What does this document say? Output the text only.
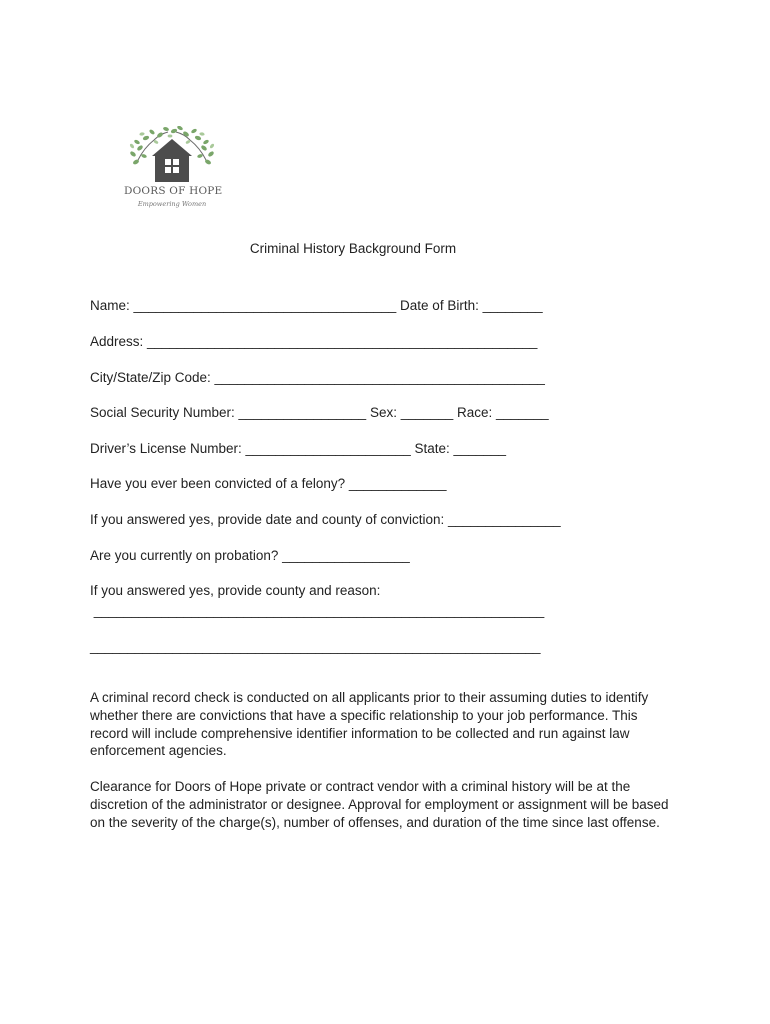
DOORS OF HOPE
Empowering Women
Criminal History Background Form
Name: ___________________________________ Date of Birth: ________
Address: ____________________________________________________
City/State/Zip Code: ____________________________________________
Social Security Number: _________________ Sex: _______ Race: _______
Driver’s License Number: ______________________ State: _______
Have you ever been convicted of a felony? _____________
If you answered yes, provide date and county of conviction: _______________
Are you currently on probation? _________________
If you answered yes, provide county and reason:
____________________________________________________________
____________________________________________________________
A criminal record check is conducted on all applicants prior to their assuming duties to identify whether there are convictions that have a specific relationship to your job performance. This record will include comprehensive identifier information to be collected and run against law enforcement agencies.
Clearance for Doors of Hope private or contract vendor with a criminal history will be at the discretion of the administrator or designee. Approval for employment or assignment will be based on the severity of the charge(s), number of offenses, and duration of the time since last offense.
